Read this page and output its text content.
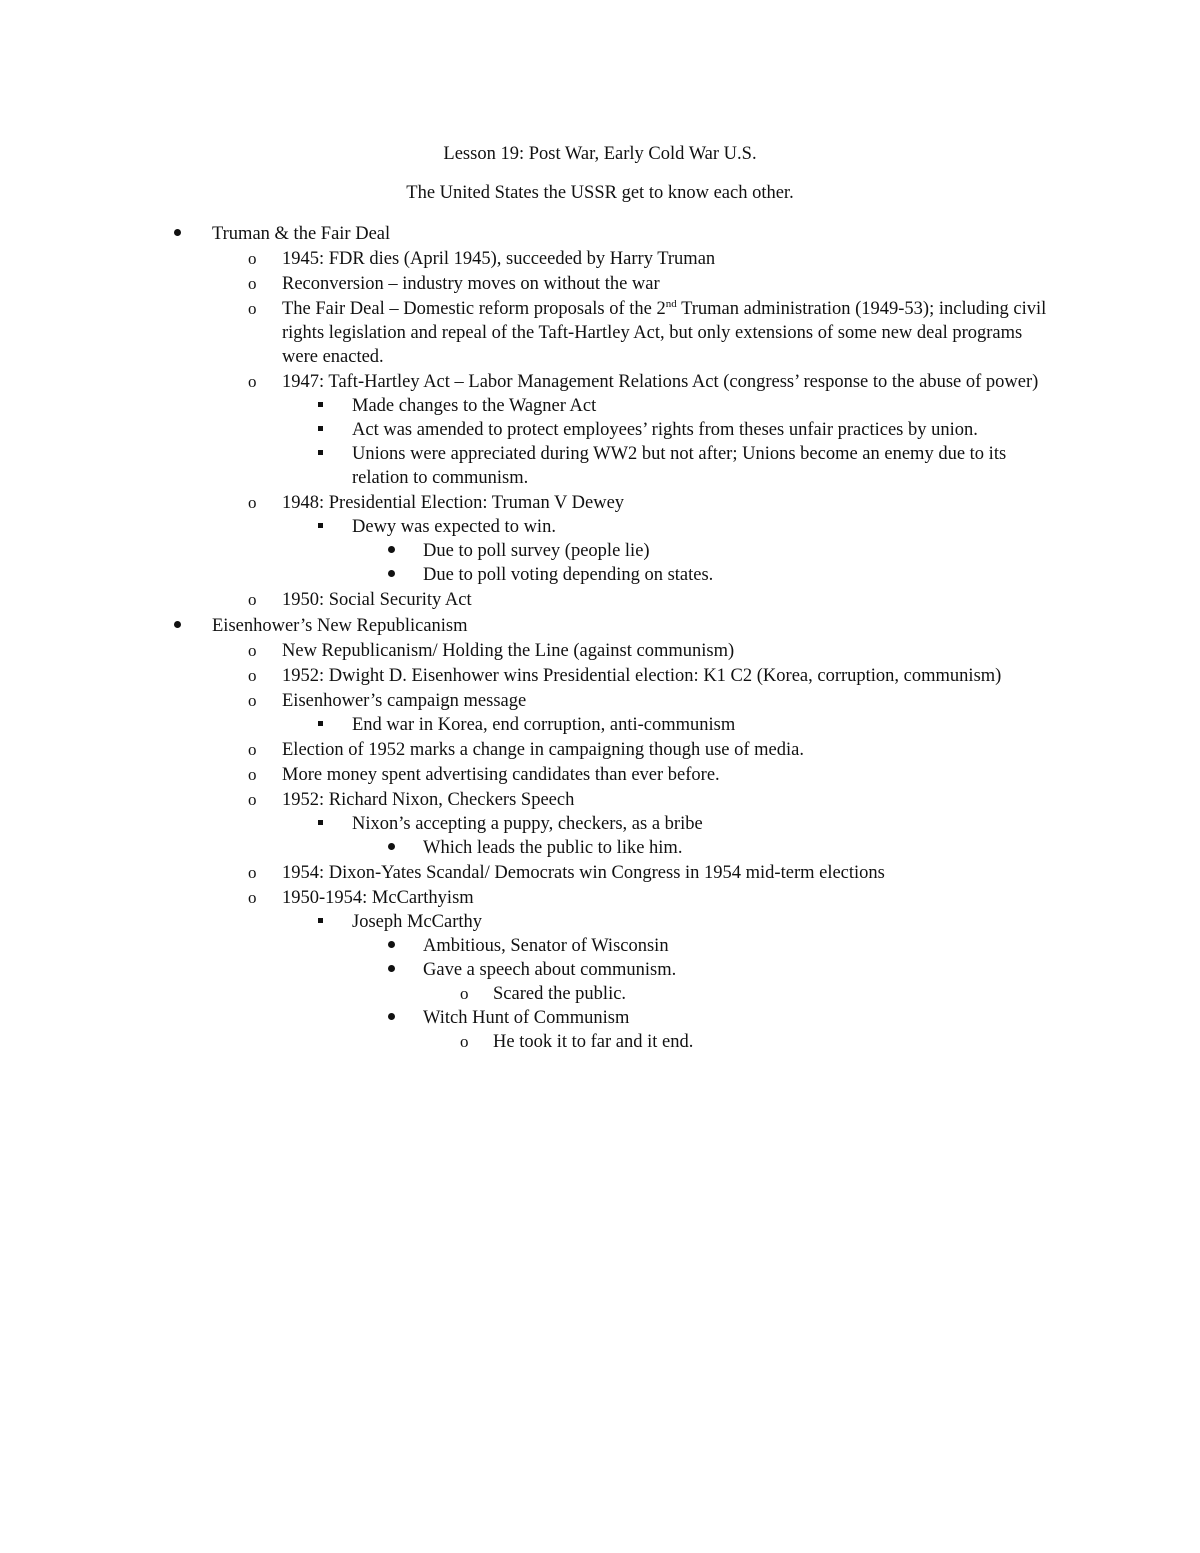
Lesson 19: Post War, Early Cold War U.S.
The United States the USSR get to know each other.
Truman & the Fair Deal
o	1945: FDR dies (April 1945), succeeded by Harry Truman
o	Reconversion – industry moves on without the war
o	The Fair Deal – Domestic reform proposals of the 2nd Truman administration (1949-53); including civil rights legislation and repeal of the Taft-Hartley Act, but only extensions of some new deal programs were enacted.
o	1947: Taft-Hartley Act – Labor Management Relations Act (congress’ response to the abuse of power)
Made changes to the Wagner Act
Act was amended to protect employees’ rights from theses unfair practices by union.
Unions were appreciated during WW2 but not after; Unions become an enemy due to its relation to communism.
o	1948: Presidential Election: Truman V Dewey
Dewy was expected to win.
Due to poll survey (people lie)
Due to poll voting depending on states.
o	1950: Social Security Act
Eisenhower’s New Republicanism
o	New Republicanism/ Holding the Line (against communism)
o	1952: Dwight D. Eisenhower wins Presidential election: K1 C2 (Korea, corruption, communism)
o	Eisenhower’s campaign message
End war in Korea, end corruption, anti-communism
o	Election of 1952 marks a change in campaigning though use of media.
o	More money spent advertising candidates than ever before.
o	1952: Richard Nixon, Checkers Speech
Nixon’s accepting a puppy, checkers, as a bribe
Which leads the public to like him.
o	1954: Dixon-Yates Scandal/ Democrats win Congress in 1954 mid-term elections
o	1950-1954: McCarthyism
Joseph McCarthy
Ambitious, Senator of Wisconsin
Gave a speech about communism.
o	Scared the public.
Witch Hunt of Communism
o	He took it to far and it end.
